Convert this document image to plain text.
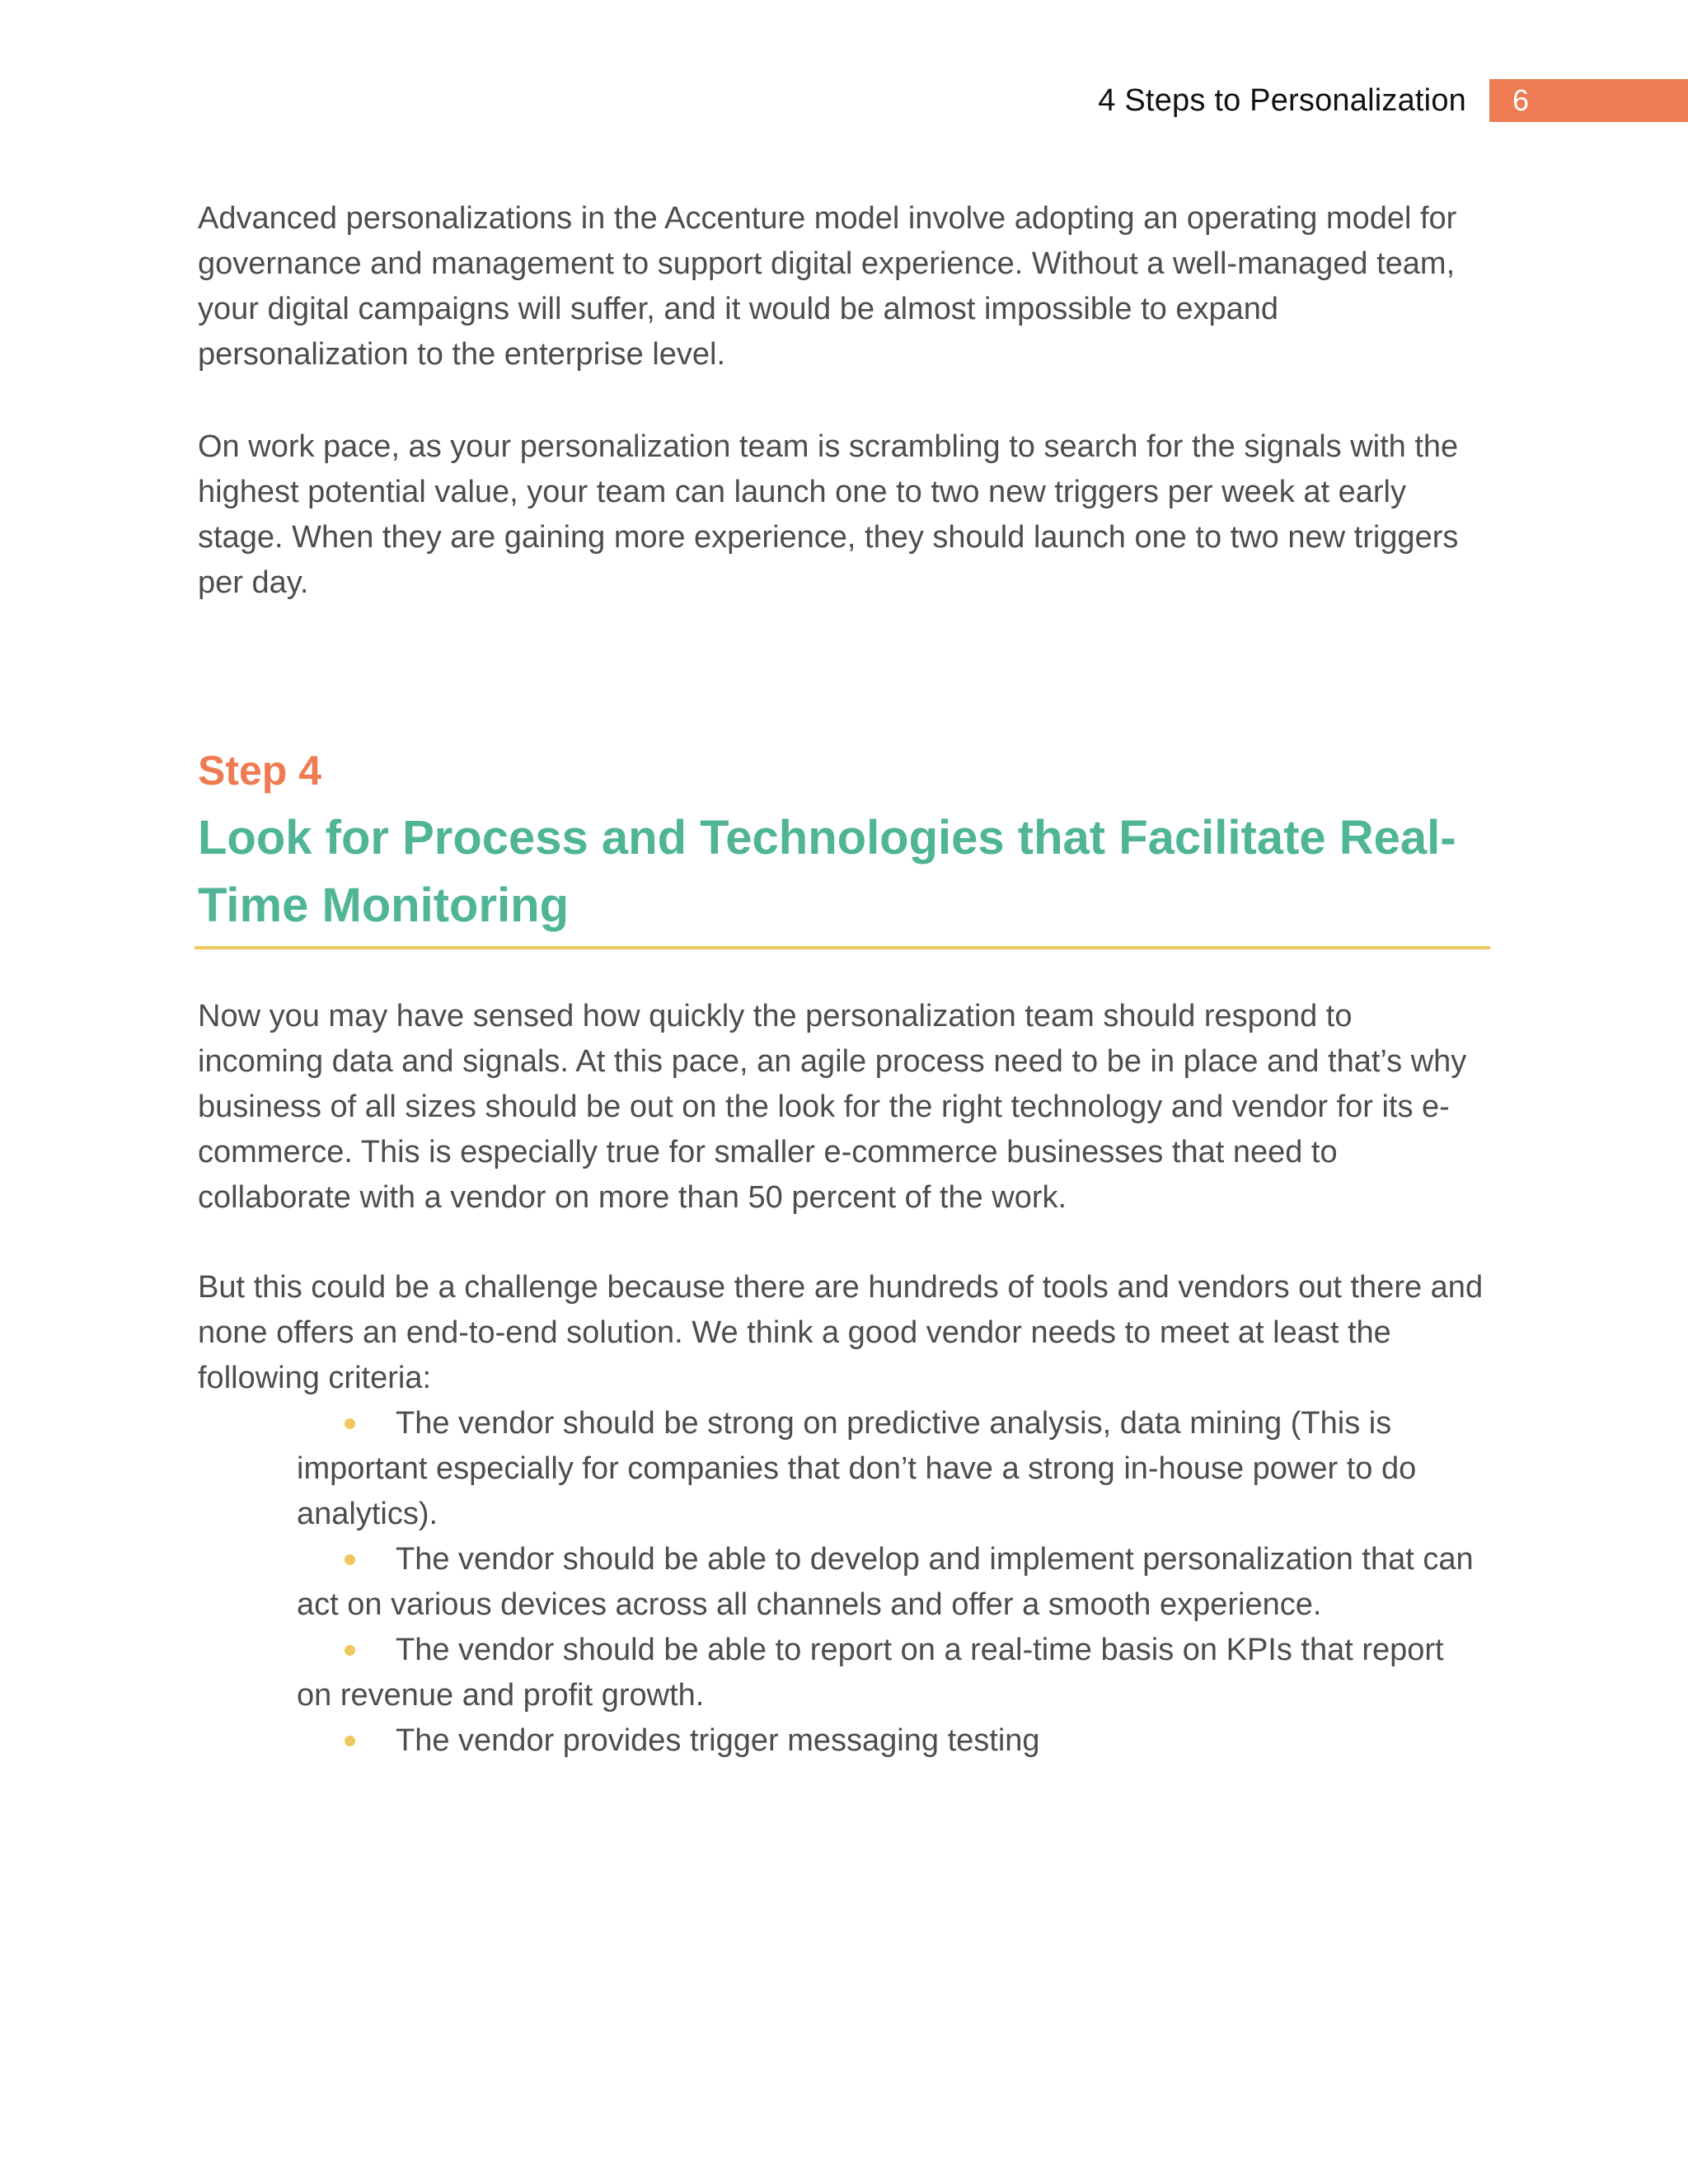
4 Steps to Personalization	6

Advanced personalizations in the Accenture model involve adopting an operating model for governance and management to support digital experience. Without a well-managed team, your digital campaigns will suffer, and it would be almost impossible to expand personalization to the enterprise level.

On work pace, as your personalization team is scrambling to search for the signals with the highest potential value, your team can launch one to two new triggers per week at early stage. When they are gaining more experience, they should launch one to two new triggers per day.

Step 4
Look for Process and Technologies that Facilitate Real-Time Monitoring

Now you may have sensed how quickly the personalization team should respond to incoming data and signals. At this pace, an agile process need to be in place and that’s why business of all sizes should be out on the look for the right technology and vendor for its e-commerce. This is especially true for smaller e-commerce businesses that need to collaborate with a vendor on more than 50 percent of the work.

But this could be a challenge because there are hundreds of tools and vendors out there and none offers an end-to-end solution. We think a good vendor needs to meet at least the following criteria:

The vendor should be strong on predictive analysis, data mining (This is important especially for companies that don’t have a strong in-house power to do analytics).
The vendor should be able to develop and implement personalization that can act on various devices across all channels and offer a smooth experience.
The vendor should be able to report on a real-time basis on KPIs that report on revenue and profit growth.
The vendor provides trigger messaging testing
